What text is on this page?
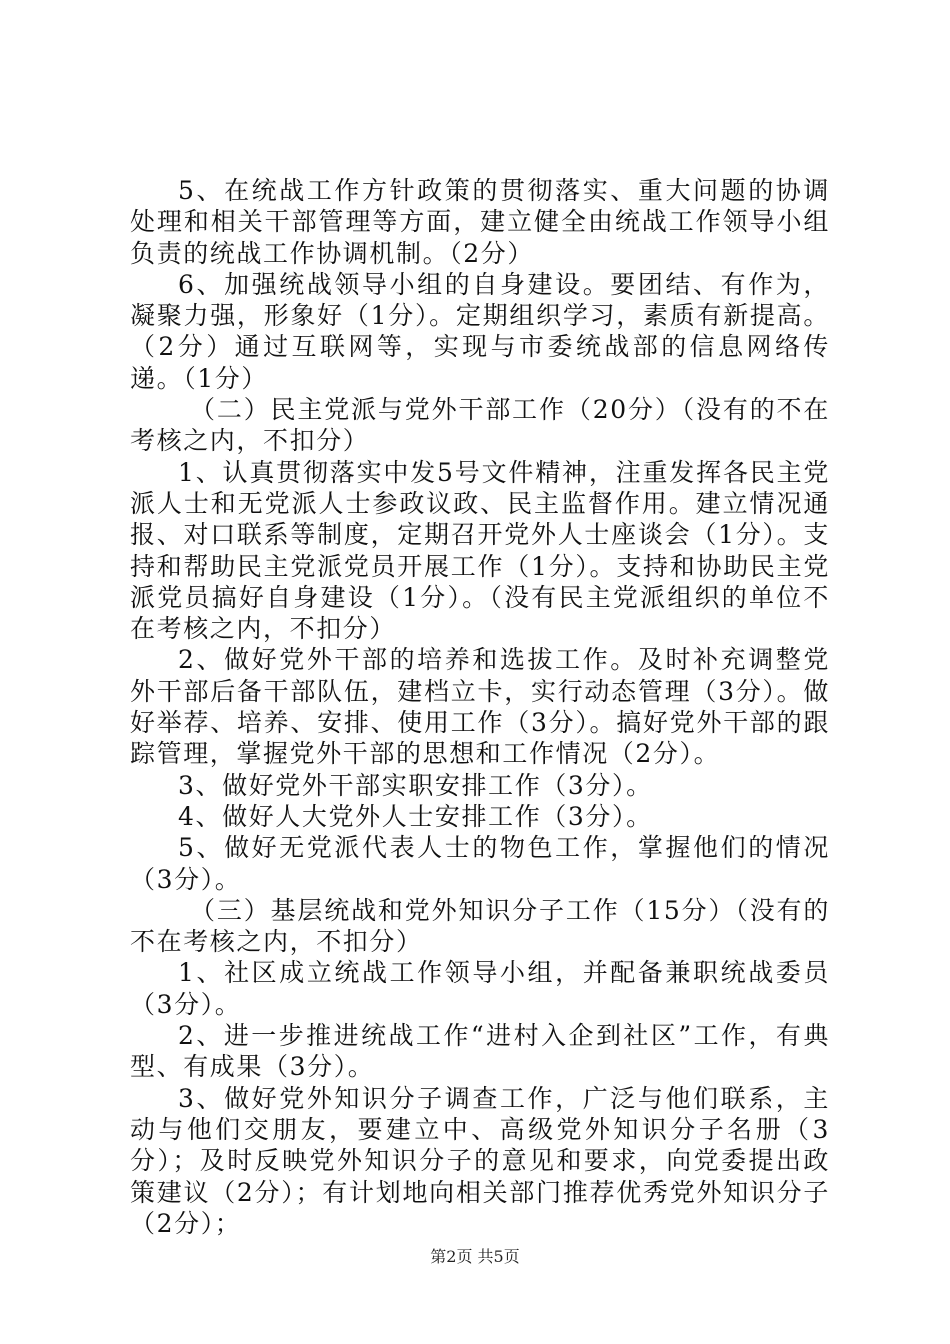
5、在统战工作方针政策的贯彻落实、重大问题的协调处理和相关干部管理等方面，建立健全由统战工作领导小组负责的统战工作协调机制。（2分）

6、加强统战领导小组的自身建设。要团结、有作为，凝聚力强，形象好（1分）。定期组织学习，素质有新提高。（2分）通过互联网等，实现与市委统战部的信息网络传递。（1分）

（二）民主党派与党外干部工作（20分）（没有的不在考核之内，不扣分）

1、认真贯彻落实中发5号文件精神，注重发挥各民主党派人士和无党派人士参政议政、民主监督作用。建立情况通报、对口联系等制度，定期召开党外人士座谈会（1分）。支持和帮助民主党派党员开展工作（1分）。支持和协助民主党派党员搞好自身建设（1分）。（没有民主党派组织的单位不在考核之内，不扣分）

2、做好党外干部的培养和选拔工作。及时补充调整党外干部后备干部队伍，建档立卡，实行动态管理（3分）。做好举荐、培养、安排、使用工作（3分）。搞好党外干部的跟踪管理，掌握党外干部的思想和工作情况（2分）。

3、做好党外干部实职安排工作（3分）。

4、做好人大党外人士安排工作（3分）。

5、做好无党派代表人士的物色工作，掌握他们的情况（3分）。

（三）基层统战和党外知识分子工作（15分）（没有的不在考核之内，不扣分）

1、社区成立统战工作领导小组，并配备兼职统战委员（3分）。

2、进一步推进统战工作“进村入企到社区”工作，有典型、有成果（3分）。

3、做好党外知识分子调查工作，广泛与他们联系，主动与他们交朋友，要建立中、高级党外知识分子名册（3分）；及时反映党外知识分子的意见和要求，向党委提出政策建议（2分）；有计划地向相关部门推荐优秀党外知识分子（2分）；

第2页 共5页
